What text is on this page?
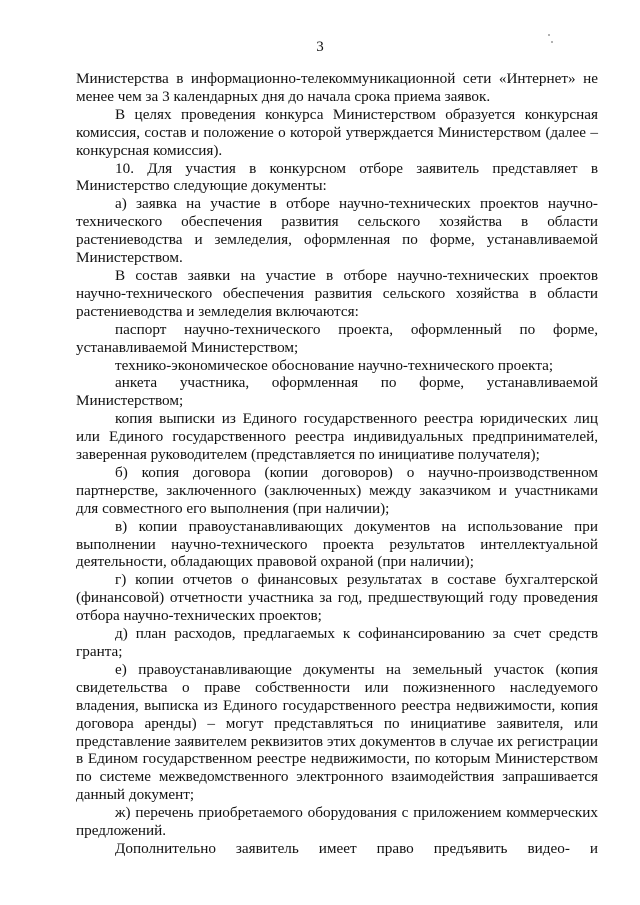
3

Министерства в информационно-телекоммуникационной сети «Интернет» не менее чем за 3 календарных дня до начала срока приема заявок.

В целях проведения конкурса Министерством образуется конкурсная комиссия, состав и положение о которой утверждается Министерством (далее – конкурсная комиссия).

10. Для участия в конкурсном отборе заявитель представляет в Министерство следующие документы:

а) заявка на участие в отборе научно-технических проектов научно-технического обеспечения развития сельского хозяйства в области растениеводства и земледелия, оформленная по форме, устанавливаемой Министерством.

В состав заявки на участие в отборе научно-технических проектов научно-технического обеспечения развития сельского хозяйства в области растениеводства и земледелия включаются:

паспорт научно-технического проекта, оформленный по форме, устанавливаемой Министерством;

технико-экономическое обоснование научно-технического проекта;

анкета участника, оформленная по форме, устанавливаемой Министерством;

копия выписки из Единого государственного реестра юридических лиц или Единого государственного реестра индивидуальных предпринимателей, заверенная руководителем (представляется по инициативе получателя);

б) копия договора (копии договоров) о научно-производственном партнерстве, заключенного (заключенных) между заказчиком и участниками для совместного его выполнения (при наличии);

в) копии правоустанавливающих документов на использование при выполнении научно-технического проекта результатов интеллектуальной деятельности, обладающих правовой охраной (при наличии);

г) копии отчетов о финансовых результатах в составе бухгалтерской (финансовой) отчетности участника за год, предшествующий году проведения отбора научно-технических проектов;

д) план расходов, предлагаемых к софинансированию за счет средств гранта;

е) правоустанавливающие документы на земельный участок (копия свидетельства о праве собственности или пожизненного наследуемого владения, выписка из Единого государственного реестра недвижимости, копия договора аренды) – могут представляться по инициативе заявителя, или представление заявителем реквизитов этих документов в случае их регистрации в Едином государственном реестре недвижимости, по которым Министерством по системе межведомственного электронного взаимодействия запрашивается данный документ;

ж) перечень приобретаемого оборудования с приложением коммерческих предложений.

Дополнительно заявитель имеет право предъявить видео- и
